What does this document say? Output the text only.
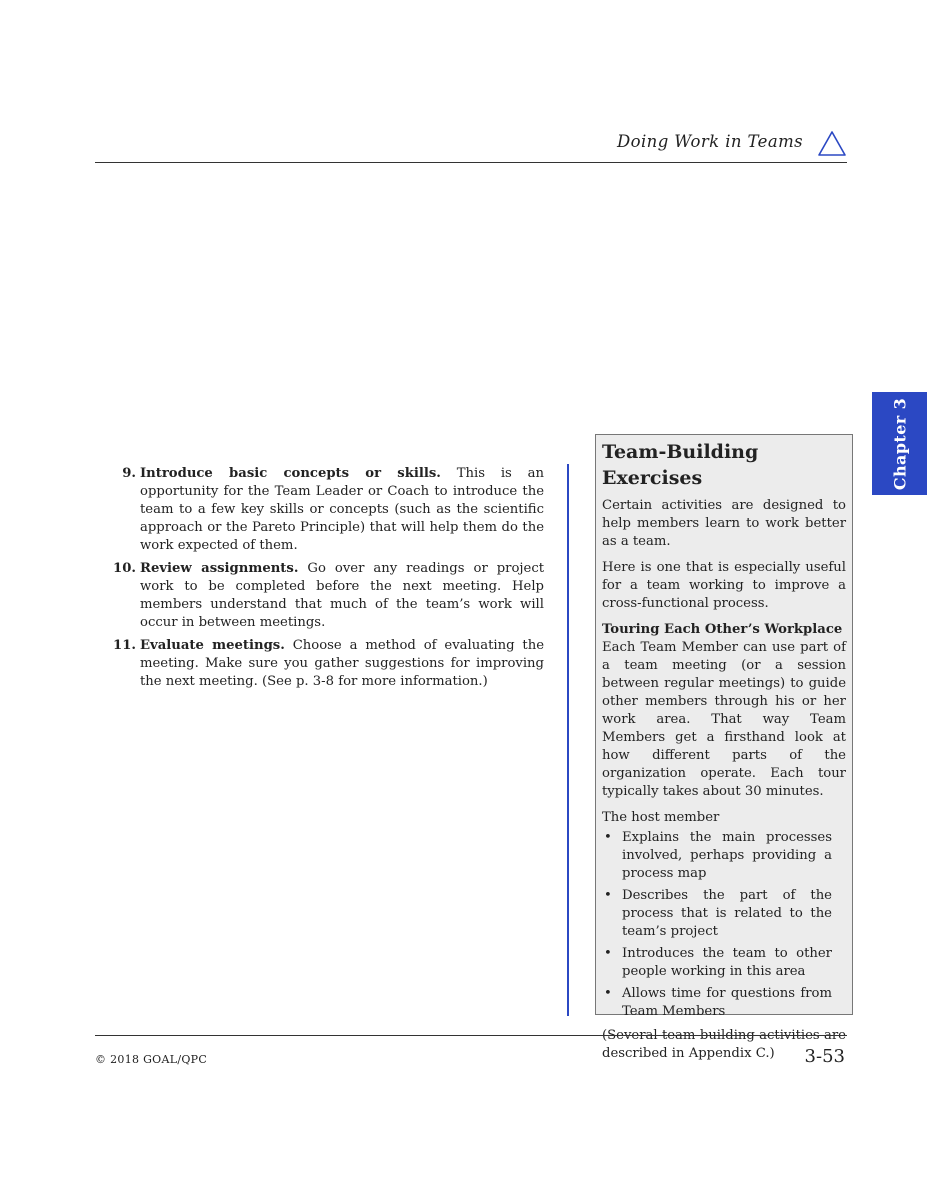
Doing Work in Teams
Chapter 3
9. Introduce basic concepts or skills. This is an opportunity for the Team Leader or Coach to introduce the team to a few key skills or concepts (such as the scientific approach or the Pareto Principle) that will help them do the work expected of them.
10. Review assignments. Go over any readings or project work to be completed before the next meeting. Help members understand that much of the team’s work will occur in between meetings.
11. Evaluate meetings. Choose a method of evaluating the meeting. Make sure you gather suggestions for improving the next meeting. (See p. 3-8 for more information.)
Team-Building Exercises

Certain activities are designed to help members learn to work better as a team.

Here is one that is especially useful for a team working to improve a cross-functional process.

Touring Each Other’s Workplace

Each Team Member can use part of a team meeting (or a session between regular meetings) to guide other members through his or her work area. That way Team Members get a firsthand look at how different parts of the organization operate. Each tour typically takes about 30 minutes.

The host member

• Explains the main processes involved, perhaps providing a process map
• Describes the part of the process that is related to the team’s project
• Introduces the team to other people working in this area
• Allows time for questions from Team Members

(Several team-building activities are described in Appendix C.)

© 2018 GOAL/QPC	3-53
